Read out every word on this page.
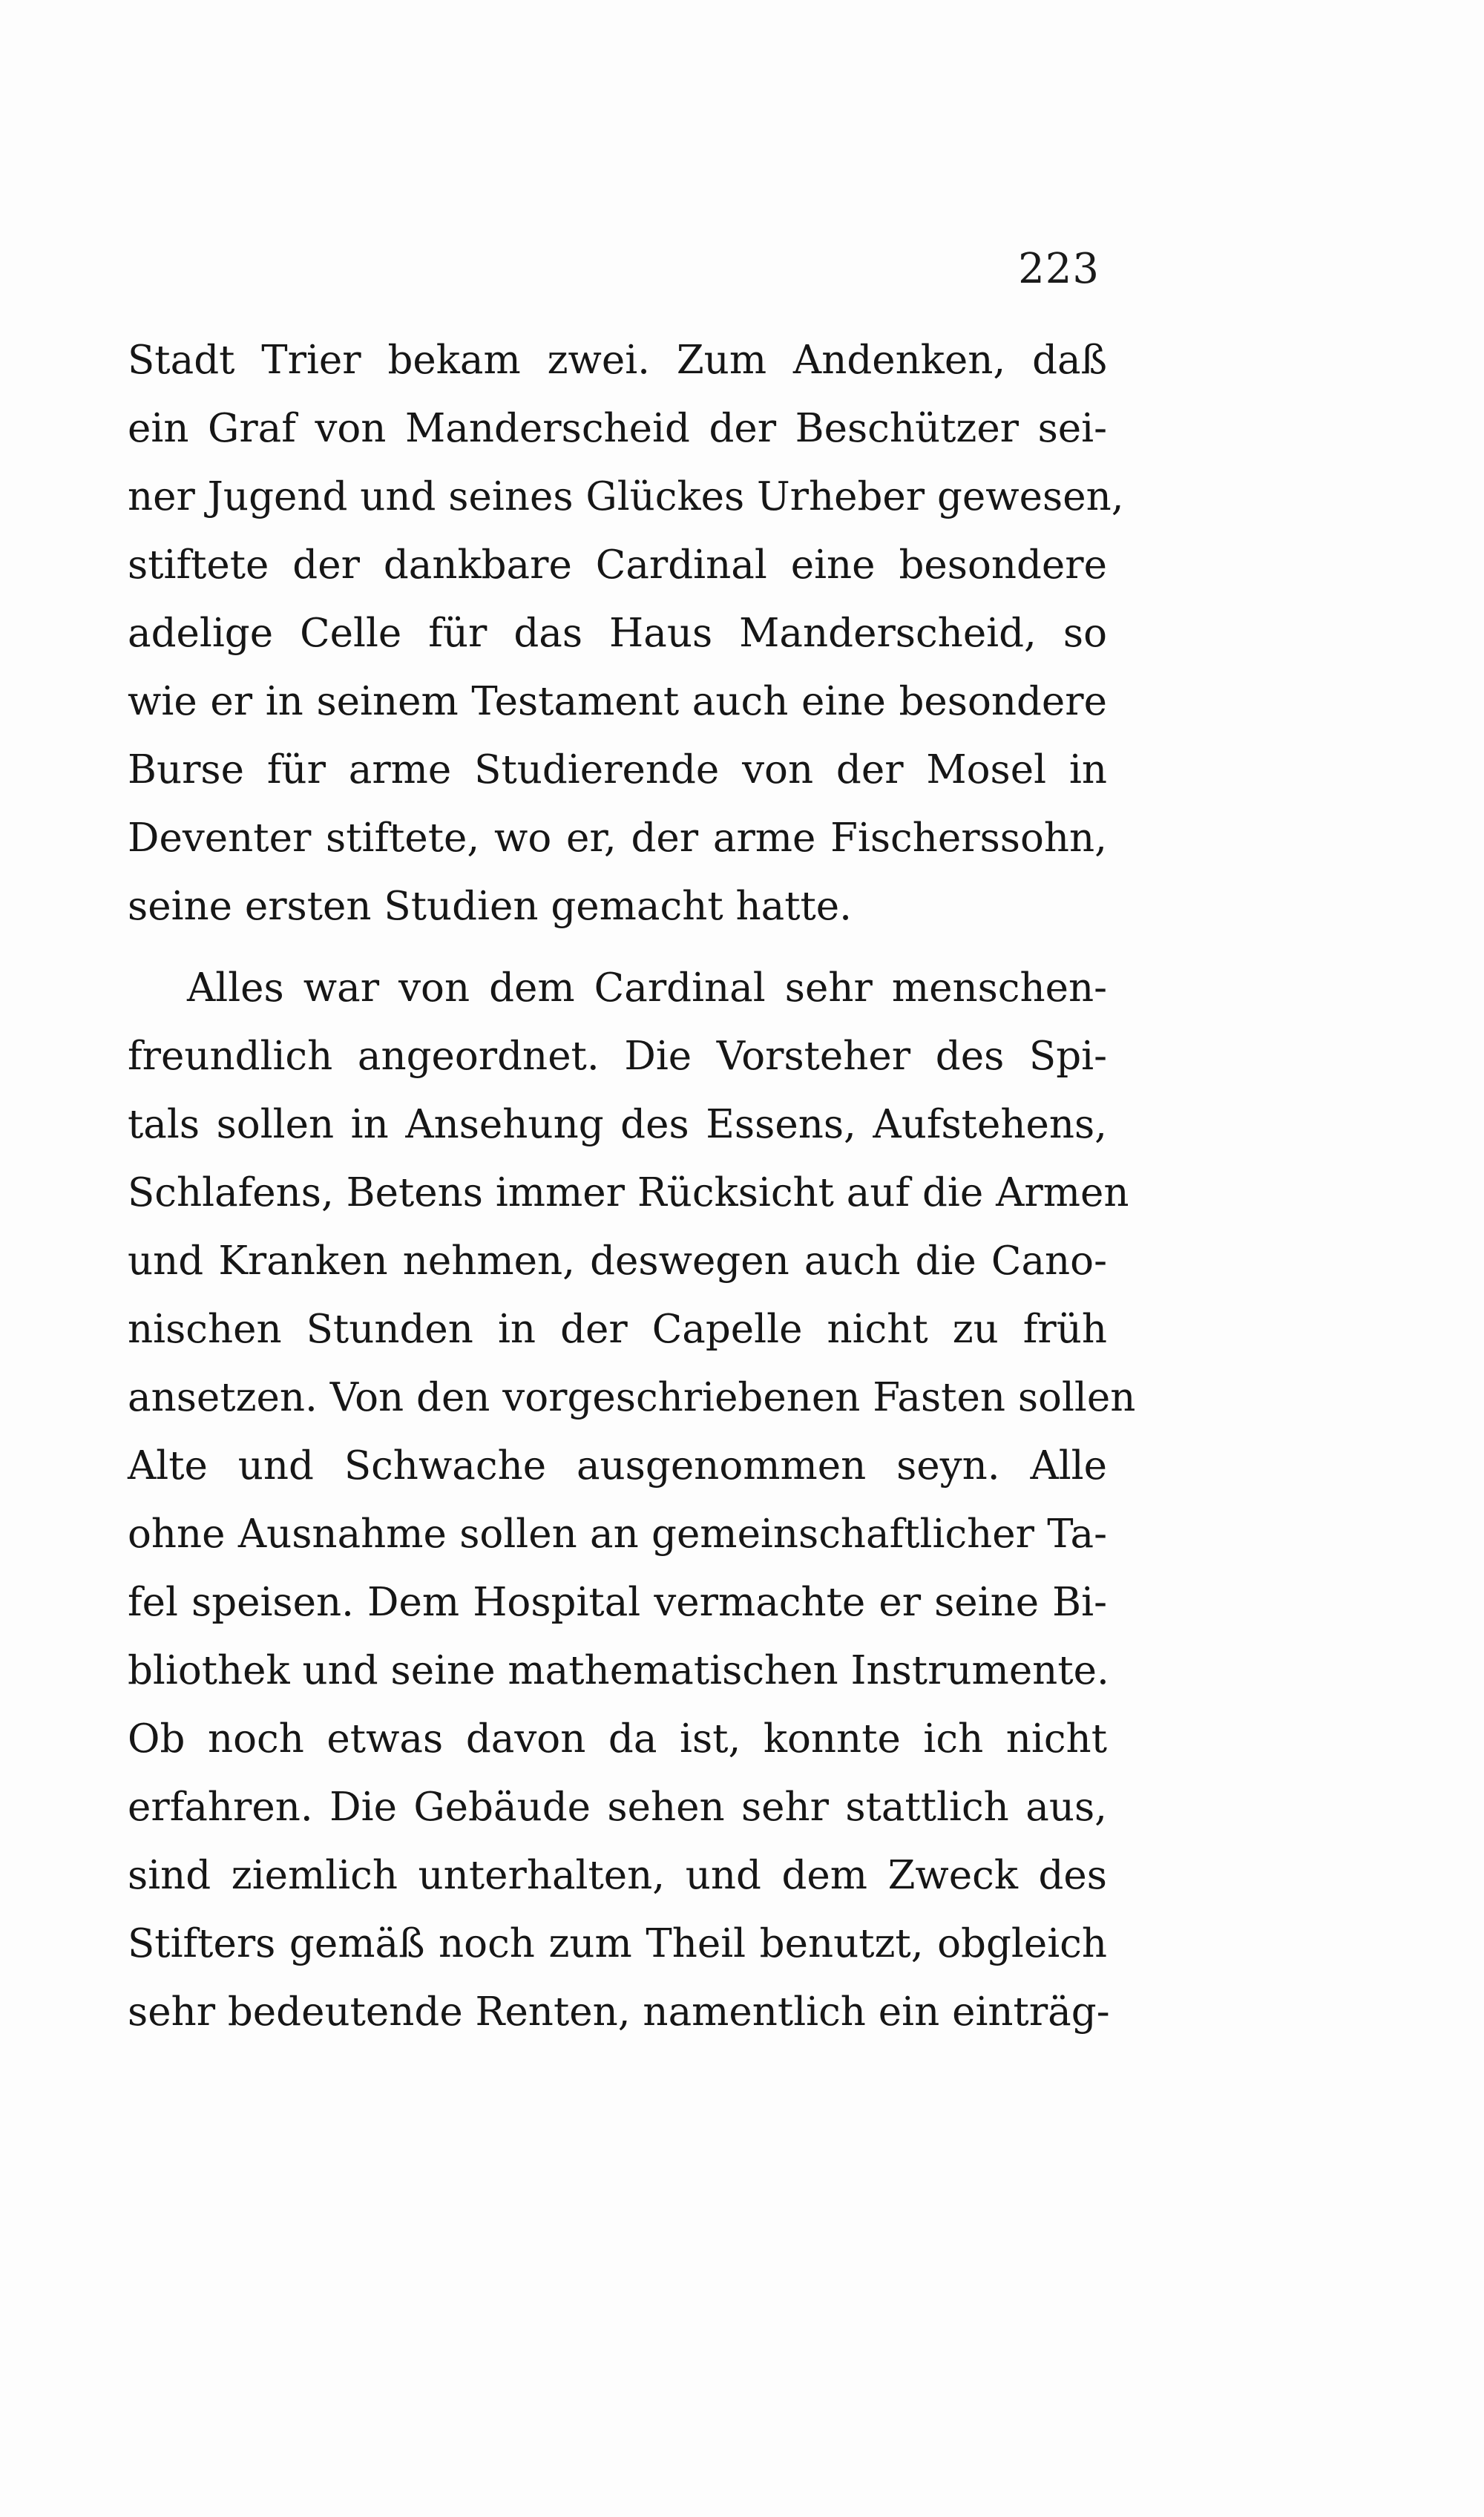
223
Stadt Trier bekam zwei. Zum Andenken, daß
ein Graf von Manderscheid der Beschützer sei-
ner Jugend und seines Glückes Urheber gewesen,
stiftete der dankbare Cardinal eine besondere
adelige Celle für das Haus Manderscheid, so
wie er in seinem Testament auch eine besondere
Burse für arme Studierende von der Mosel in
Deventer stiftete, wo er, der arme Fischerssohn,
seine ersten Studien gemacht hatte.
Alles war von dem Cardinal sehr menschen-
freundlich angeordnet. Die Vorsteher des Spi-
tals sollen in Ansehung des Essens, Aufstehens,
Schlafens, Betens immer Rücksicht auf die Armen
und Kranken nehmen, deswegen auch die Cano-
nischen Stunden in der Capelle nicht zu früh
ansetzen. Von den vorgeschriebenen Fasten sollen
Alte und Schwache ausgenommen seyn. Alle
ohne Ausnahme sollen an gemeinschaftlicher Ta-
fel speisen. Dem Hospital vermachte er seine Bi-
bliothek und seine mathematischen Instrumente.
Ob noch etwas davon da ist, konnte ich nicht
erfahren. Die Gebäude sehen sehr stattlich aus,
sind ziemlich unterhalten, und dem Zweck des
Stifters gemäß noch zum Theil benutzt, obgleich
sehr bedeutende Renten, namentlich ein einträg-
